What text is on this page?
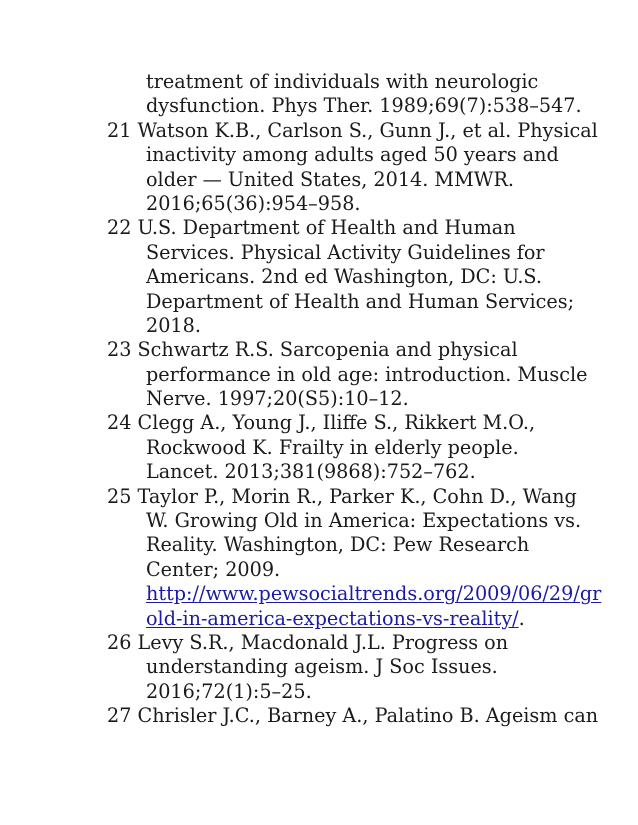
treatment of individuals with neurologic
dysfunction. Phys Ther. 1989;69(7):538–547.
21 Watson K.B., Carlson S., Gunn J., et al. Physical
inactivity among adults aged 50 years and
older — United States, 2014. MMWR.
2016;65(36):954–958.
22 U.S. Department of Health and Human
Services. Physical Activity Guidelines for
Americans. 2nd ed Washington, DC: U.S.
Department of Health and Human Services;
2018.
23 Schwartz R.S. Sarcopenia and physical
performance in old age: introduction. Muscle
Nerve. 1997;20(S5):10–12.
24 Clegg A., Young J., Iliffe S., Rikkert M.O.,
Rockwood K. Frailty in elderly people.
Lancet. 2013;381(9868):752–762.
25 Taylor P., Morin R., Parker K., Cohn D., Wang
W. Growing Old in America: Expectations vs.
Reality. Washington, DC: Pew Research
Center; 2009.
http://www.pewsocialtrends.org/2009/06/29/gr
old-in-america-expectations-vs-reality/.
26 Levy S.R., Macdonald J.L. Progress on
understanding ageism. J Soc Issues.
2016;72(1):5–25.
27 Chrisler J.C., Barney A., Palatino B. Ageism can
